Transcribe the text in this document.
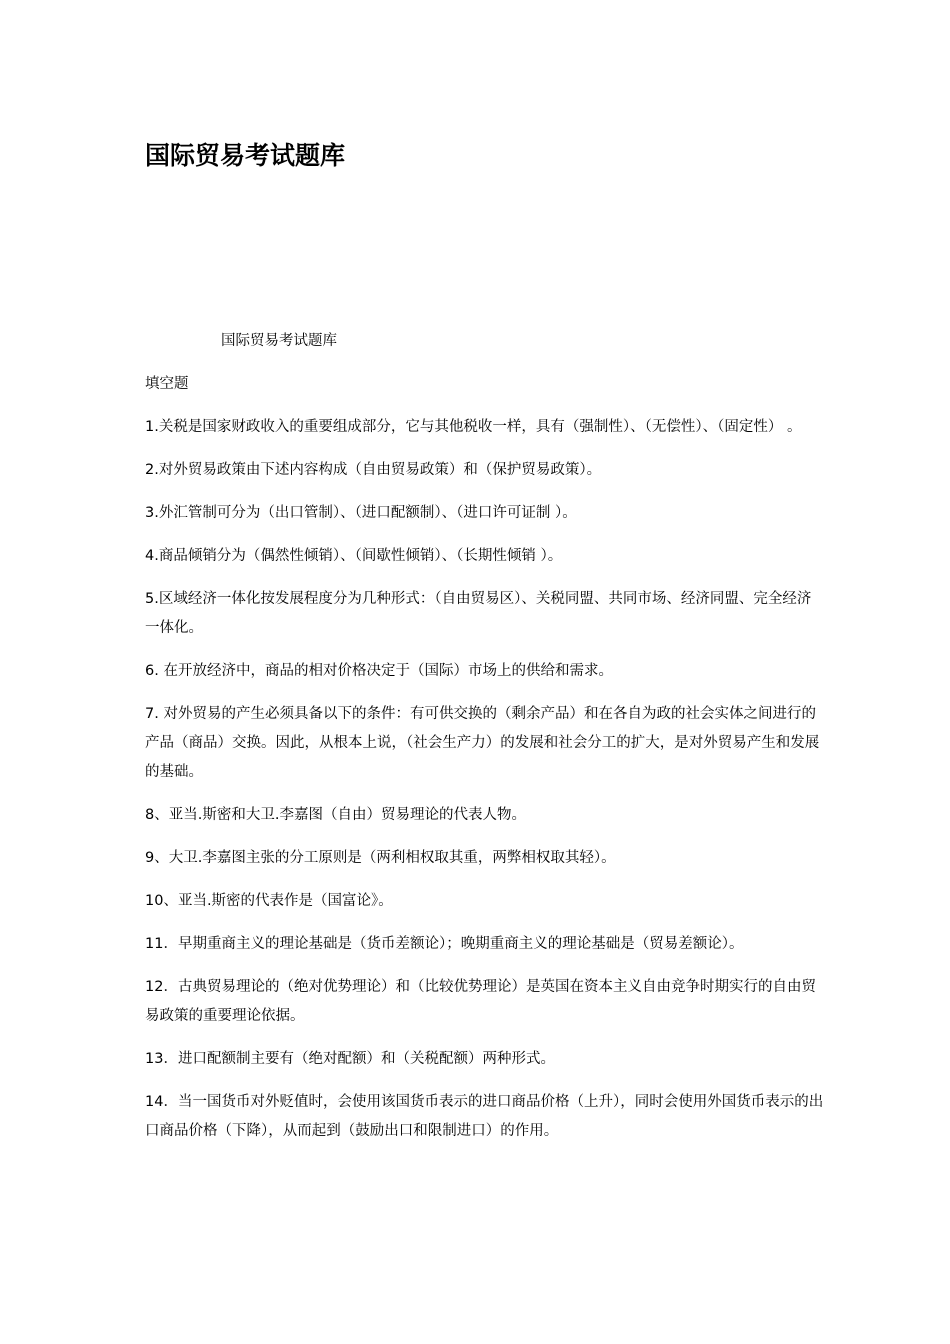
国际贸易考试题库
国际贸易考试题库
填空题
1.关税是国家财政收入的重要组成部分，它与其他税收一样，具有（强制性）、（无偿性）、（固定性） 。
2.对外贸易政策由下述内容构成（自由贸易政策）和（保护贸易政策）。
3.外汇管制可分为（出口管制）、（进口配额制）、（进口许可证制 ）。
4.商品倾销分为（偶然性倾销）、（间歇性倾销）、（长期性倾销 ）。
5.区域经济一体化按发展程度分为几种形式：（自由贸易区）、关税同盟、共同市场、经济同盟、完全经济一体化。
6. 在开放经济中，商品的相对价格决定于（国际）市场上的供给和需求。
7. 对外贸易的产生必须具备以下的条件：有可供交换的（剩余产品）和在各自为政的社会实体之间进行的产品（商品）交换。因此，从根本上说，（社会生产力）的发展和社会分工的扩大，是对外贸易产生和发展的基础。
8、亚当.斯密和大卫.李嘉图（自由）贸易理论的代表人物。
9、大卫.李嘉图主张的分工原则是（两利相权取其重，两弊相权取其轻）。
10、亚当.斯密的代表作是（国富论》。
11．早期重商主义的理论基础是（货币差额论）；晚期重商主义的理论基础是（贸易差额论）。
12．古典贸易理论的（绝对优势理论）和（比较优势理论）是英国在资本主义自由竞争时期实行的自由贸易政策的重要理论依据。
13．进口配额制主要有（绝对配额）和（关税配额）两种形式。
14．当一国货币对外贬值时，会使用该国货币表示的进口商品价格（上升），同时会使用外国货币表示的出口商品价格（下降），从而起到（鼓励出口和限制进口）的作用。
